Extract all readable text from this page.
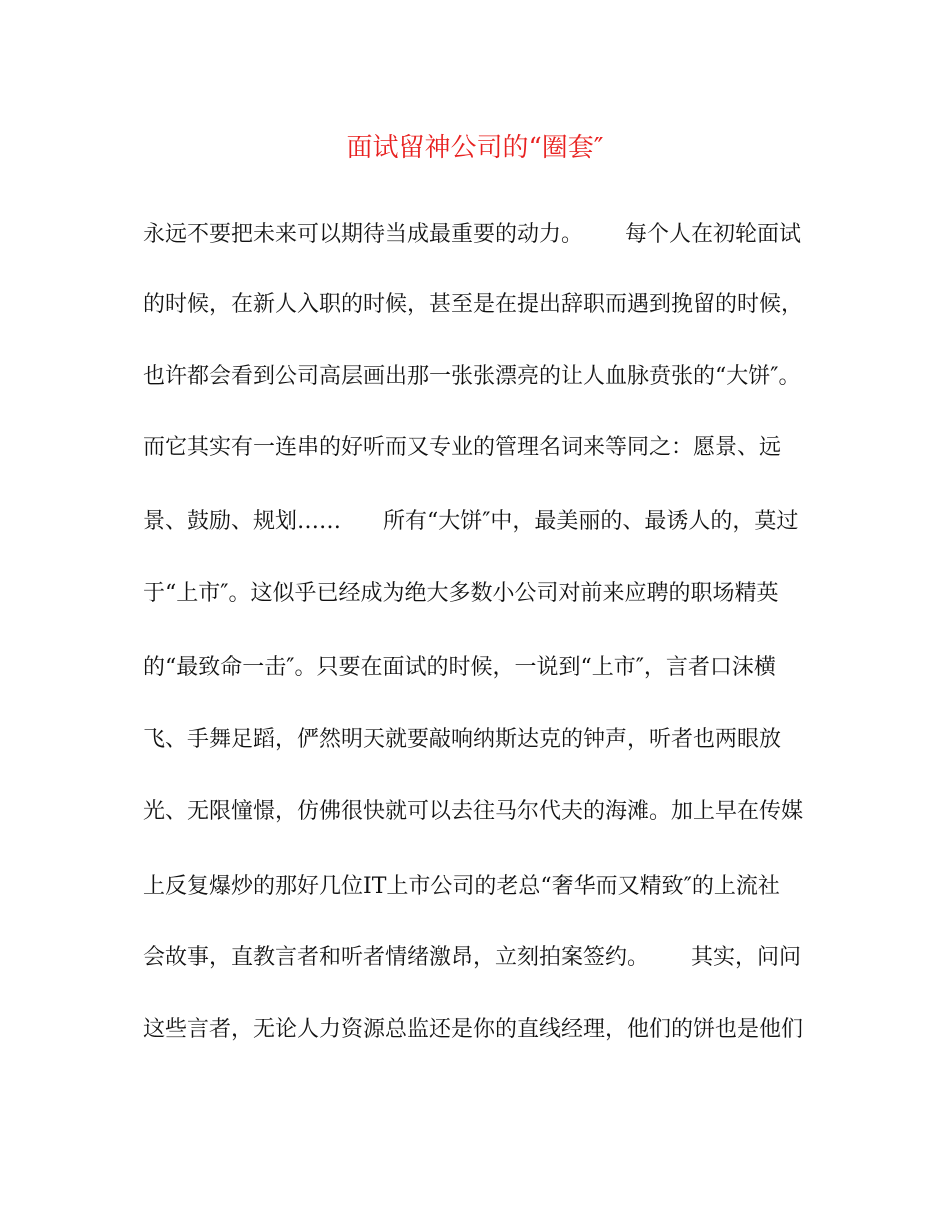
面试留神公司的“圈套″
永远不要把未来可以期待当成最重要的动力。      每个人在初轮面试
的时候，在新人入职的时候，甚至是在提出辞职而遇到挽留的时候，
也许都会看到公司高层画出那一张张漂亮的让人血脉贲张的“大饼″。
而它其实有一连串的好听而又专业的管理名词来等同之：愿景、远
景、鼓励、规划……      所有“大饼″中，最美丽的、最诱人的，莫过
于“上市″。这似乎已经成为绝大多数小公司对前来应聘的职场精英
的“最致命一击″。只要在面试的时候，一说到“上市″，言者口沫横
飞、手舞足蹈，俨然明天就要敲响纳斯达克的钟声，听者也两眼放
光、无限憧憬，仿佛很快就可以去往马尔代夫的海滩。加上早在传媒
上反复爆炒的那好几位IT上市公司的老总“奢华而又精致″的上流社
会故事，直教言者和听者情绪激昂，立刻拍案签约。      其实，问问
这些言者，无论人力资源总监还是你的直线经理，他们的饼也是他们
